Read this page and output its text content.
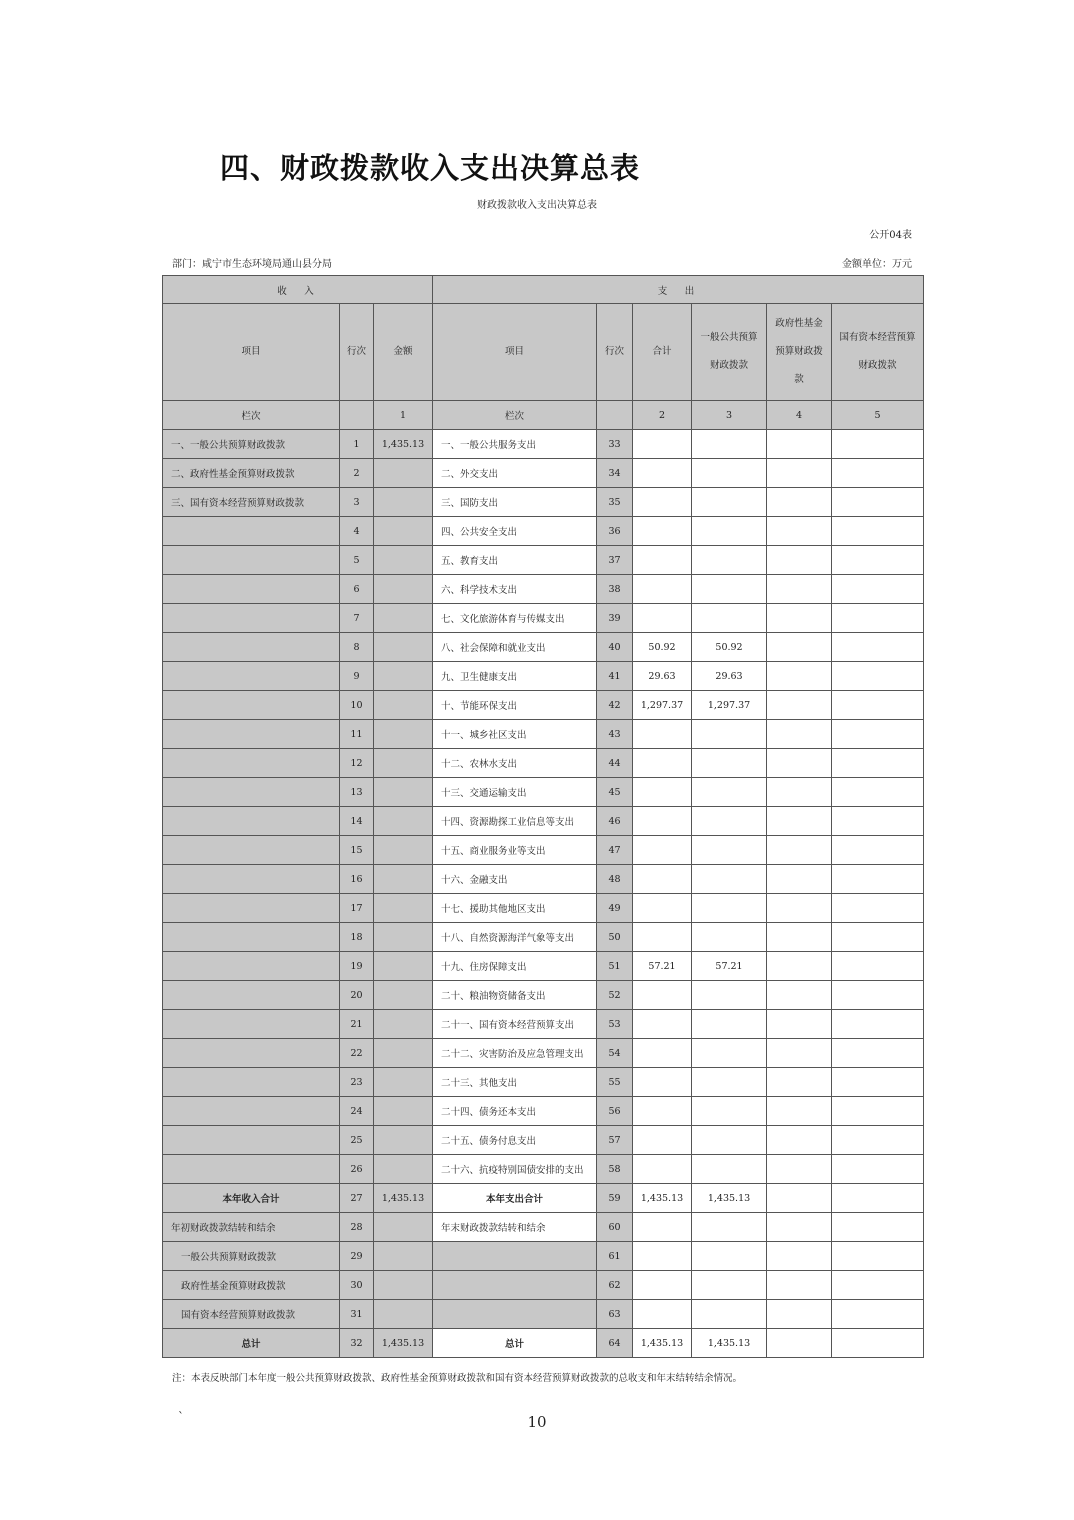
四、财政拨款收入支出决算总表
财政拨款收入支出决算总表
公开04表
部门：咸宁市生态环境局通山县分局	金额单位：万元
收　入			支　出					
项目	行次	金额	项目	行次	合计	一般公共预算财政拨款	政府性基金预算财政拨款	国有资本经营预算财政拨款
栏次		1	栏次		2	3	4	5
一、一般公共预算财政拨款	1	1,435.13	一、一般公共服务支出	33				
二、政府性基金预算财政拨款	2		二、外交支出	34				
三、国有资本经营预算财政拨款	3		三、国防支出	35				
	4		四、公共安全支出	36				
	5		五、教育支出	37				
	6		六、科学技术支出	38				
	7		七、文化旅游体育与传媒支出	39				
	8		八、社会保障和就业支出	40	50.92	50.92		
	9		九、卫生健康支出	41	29.63	29.63		
	10		十、节能环保支出	42	1,297.37	1,297.37		
	11		十一、城乡社区支出	43				
	12		十二、农林水支出	44				
	13		十三、交通运输支出	45				
	14		十四、资源勘探工业信息等支出	46				
	15		十五、商业服务业等支出	47				
	16		十六、金融支出	48				
	17		十七、援助其他地区支出	49				
	18		十八、自然资源海洋气象等支出	50				
	19		十九、住房保障支出	51	57.21	57.21		
	20		二十、粮油物资储备支出	52				
	21		二十一、国有资本经营预算支出	53				
	22		二十二、灾害防治及应急管理支出	54				
	23		二十三、其他支出	55				
	24		二十四、债务还本支出	56				
	25		二十五、债务付息支出	57				
	26		二十六、抗疫特别国债安排的支出	58				
本年收入合计	27	1,435.13	本年支出合计	59	1,435.13	1,435.13		
年初财政拨款结转和结余	28		年末财政拨款结转和结余	60				
一般公共预算财政拨款	29			61				
政府性基金预算财政拨款	30			62				
国有资本经营预算财政拨款	31			63				
总计	32	1,435.13	总计	64	1,435.13	1,435.13		
注：本表反映部门本年度一般公共预算财政拨款、政府性基金预算财政拨款和国有资本经营预算财政拨款的总收支和年末结转结余情况。
`	10
